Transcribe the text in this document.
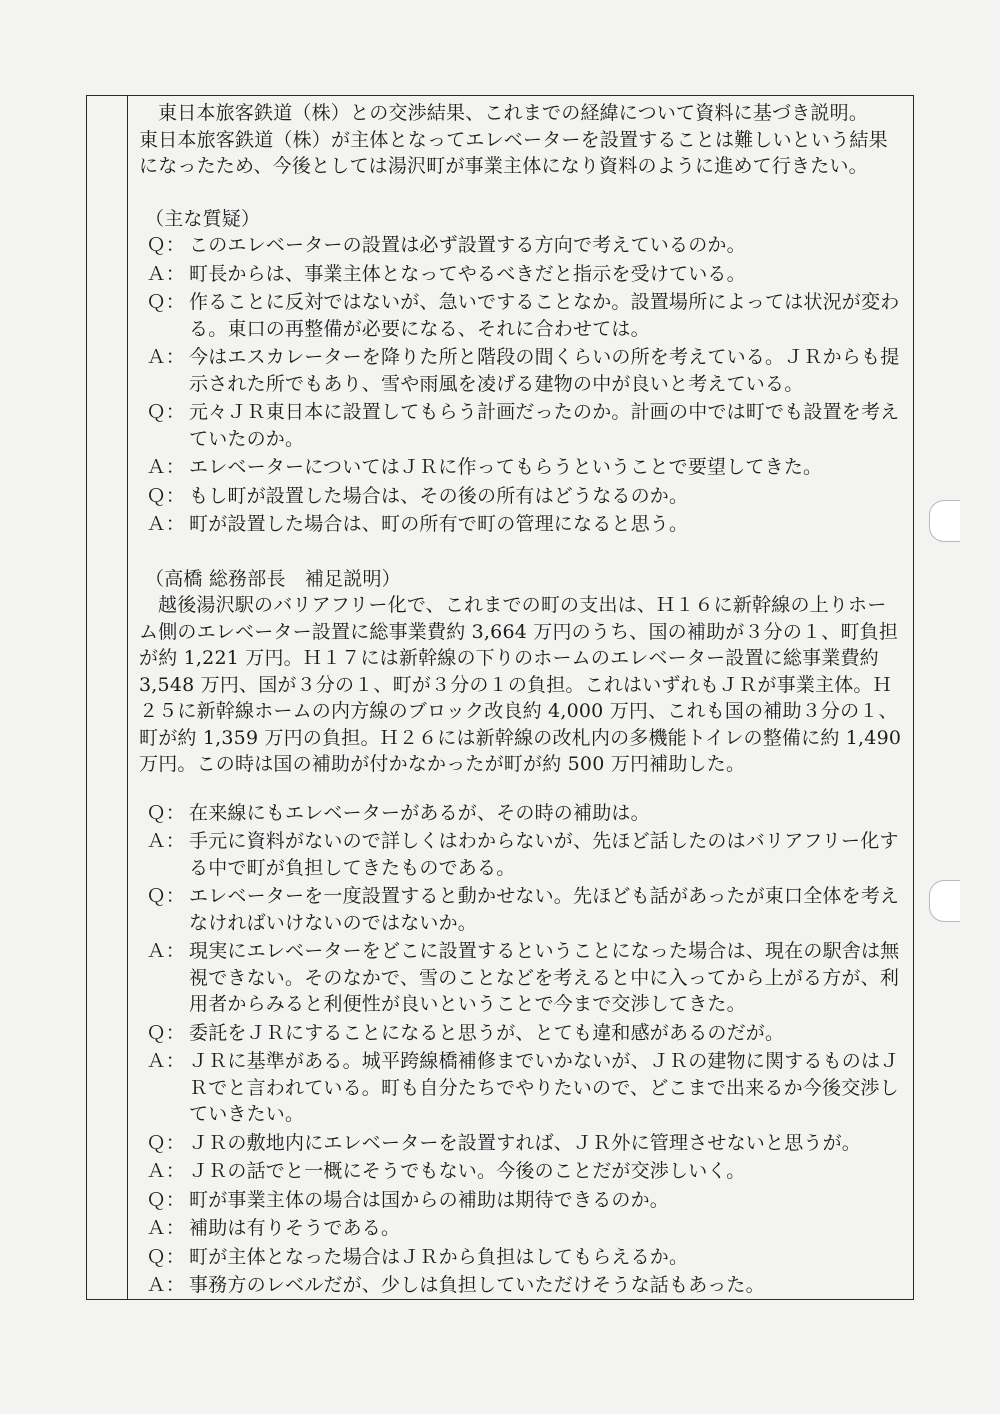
東日本旅客鉄道（株）との交渉結果、これまでの経緯について資料に基づき説明。

東日本旅客鉄道（株）が主体となってエレベーターを設置することは難しいという結果になったため、今後としては湯沢町が事業主体になり資料のように進めて行きたい。

（主な質疑）

Ｑ： このエレベーターの設置は必ず設置する方向で考えているのか。
Ａ： 町長からは、事業主体となってやるべきだと指示を受けている。
Ｑ： 作ることに反対ではないが、急いですることなか。設置場所によっては状況が変わる。東口の再整備が必要になる、それに合わせては。
Ａ： 今はエスカレーターを降りた所と階段の間くらいの所を考えている。ＪＲからも提示された所でもあり、雪や雨風を凌げる建物の中が良いと考えている。
Ｑ： 元々ＪＲ東日本に設置してもらう計画だったのか。計画の中では町でも設置を考えていたのか。
Ａ： エレベーターについてはＪＲに作ってもらうということで要望してきた。
Ｑ： もし町が設置した場合は、その後の所有はどうなるのか。
Ａ： 町が設置した場合は、町の所有で町の管理になると思う。

（高橋 総務部長　補足説明）

越後湯沢駅のバリアフリー化で、これまでの町の支出は、Ｈ１６に新幹線の上りホーム側のエレベーター設置に総事業費約 3,664 万円のうち、国の補助が３分の１、町負担が約 1,221 万円。Ｈ１７には新幹線の下りのホームのエレベーター設置に総事業費約 3,548 万円、国が３分の１、町が３分の１の負担。これはいずれもＪＲが事業主体。Ｈ２５に新幹線ホームの内方線のブロック改良約 4,000 万円、これも国の補助３分の１、町が約 1,359 万円の負担。Ｈ２６には新幹線の改札内の多機能トイレの整備に約 1,490 万円。この時は国の補助が付かなかったが町が約 500 万円補助した。

Ｑ： 在来線にもエレベーターがあるが、その時の補助は。
Ａ： 手元に資料がないので詳しくはわからないが、先ほど話したのはバリアフリー化する中で町が負担してきたものである。
Ｑ： エレベーターを一度設置すると動かせない。先ほども話があったが東口全体を考えなければいけないのではないか。
Ａ： 現実にエレベーターをどこに設置するということになった場合は、現在の駅舎は無視できない。そのなかで、雪のことなどを考えると中に入ってから上がる方が、利用者からみると利便性が良いということで今まで交渉してきた。
Ｑ： 委託をＪＲにすることになると思うが、とても違和感があるのだが。
Ａ： ＪＲに基準がある。城平跨線橋補修までいかないが、ＪＲの建物に関するものはＪＲでと言われている。町も自分たちでやりたいので、どこまで出来るか今後交渉していきたい。
Ｑ： ＪＲの敷地内にエレベーターを設置すれば、ＪＲ外に管理させないと思うが。
Ａ： ＪＲの話でと一概にそうでもない。今後のことだが交渉しいく。
Ｑ： 町が事業主体の場合は国からの補助は期待できるのか。
Ａ： 補助は有りそうである。
Ｑ： 町が主体となった場合はＪＲから負担はしてもらえるか。
Ａ： 事務方のレベルだが、少しは負担していただけそうな話もあった。
